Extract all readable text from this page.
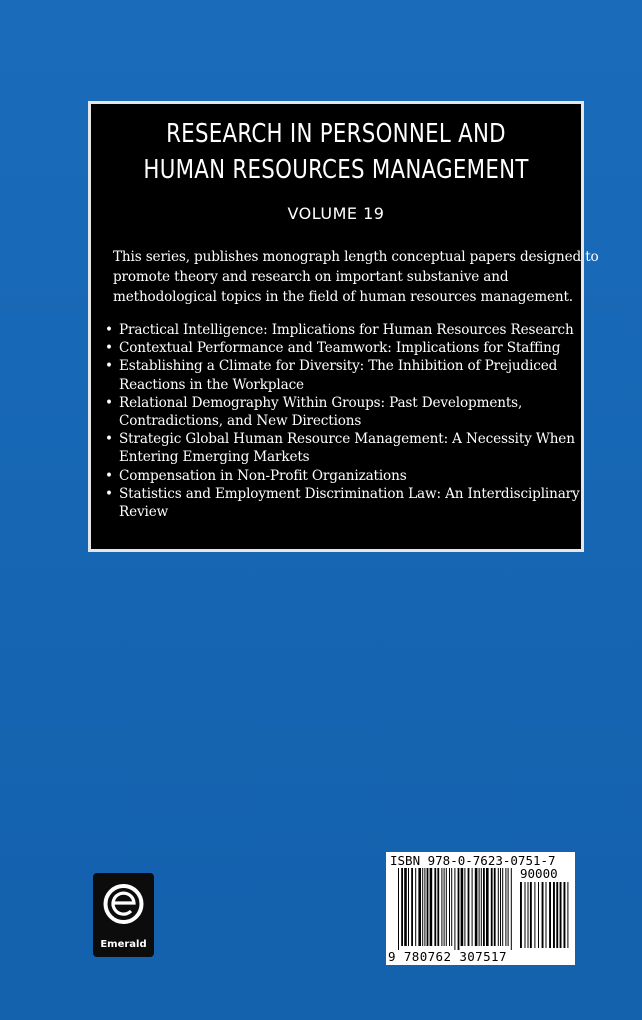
RESEARCH IN PERSONNEL AND
HUMAN RESOURCES MANAGEMENT
VOLUME 19
This series, publishes monograph length conceptual papers designed to
promote theory and research on important substanive and
methodological topics in the field of human resources management.
• Practical Intelligence: Implications for Human Resources Research
• Contextual Performance and Teamwork: Implications for Staffing
• Establishing a Climate for Diversity: The Inhibition of Prejudiced
Reactions in the Workplace
• Relational Demography Within Groups: Past Developments,
Contradictions, and New Directions
• Strategic Global Human Resource Management: A Necessity When
Entering Emerging Markets
• Compensation in Non-Profit Organizations
• Statistics and Employment Discrimination Law: An Interdisciplinary
Review
Emerald
ISBN 978-0-7623-0751-7
90000
9 780762 307517
